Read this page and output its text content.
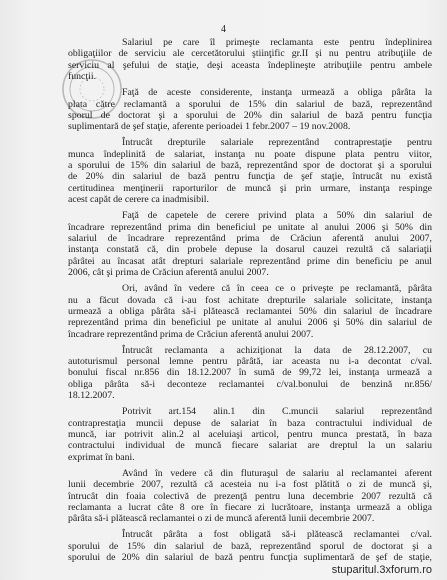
4
Salariul pe care îl primeşte reclamanta este pentru îndeplinirea
obligaţiilor de serviciu ale cercetătorului ştiinţific gr.II şi nu pentru atribuţiile de
serviciu al şefului de staţie, deşi aceasta îndeplineşte atribuţiile pentru ambele
funcţii.
Faţă de aceste considerente, instanţa urmează a obliga pârâta la
plata către reclamantă a sporului de 15% din salariul de bază, reprezentând
sporul de doctorat şi a sporului de 20% din salariul de bază pentru funcţia
suplimentară de şef staţie, aferente perioadei 1 febr.2007 – 19 nov.2008.
Întrucât drepturile salariale reprezentând contraprestaţie pentru
munca îndeplinită de salariat, instanţa nu poate dispune plata pentru viitor,
a sporului de 15% din salariul de bază, reprezentând spor de doctorat şi a sporului
de 20% din salariul de bază pentru funcţia de şef staţie, întrucât nu există
certitudinea menţinerii raporturilor de muncă şi prin urmare, instanţa respinge
acest capăt de cerere ca inadmisibil.
Faţă de capetele de cerere privind plata a 50% din salariul de
încadrare reprezentând prima din beneficiul pe unitate al anului 2006 şi 50% din
salariul de încadrare reprezentând prima de Crăciun aferentă anului 2007,
instanţa constată că, din probele depuse la dosarul cauzei rezultă că salariaţii
pârâtei au încasat atât drepturi salariale reprezentând prime din beneficiu pe anul
2006, cât şi prima de Crăciun aferentă anului 2007.
Ori, având în vedere că în ceea ce o priveşte pe reclamantă, pârâta
nu a făcut dovada că i-au fost achitate drepturile salariale solicitate, instanţa
urmează a obliga pârâta să-i plătească reclamantei 50% din salariul de încadrare
reprezentând prima din beneficiul pe unitate al anului 2006 şi 50% din salariul de
încadrare reprezentând prima de Crăciun aferentă anului 2007.
Întrucât reclamanta a achiziţionat la data de 28.12.2007, cu
autoturismul personal lemne pentru pârâtă, iar aceasta nu i-a decontat c/val.
bonului fiscal nr.856 din 18.12.2007 în sumă de 99,72 lei, instanţa urmează a
obliga pârâta să-i deconteze reclamantei c/val.bonului de benzină nr.856/
18.12.2007.
Potrivit art.154 alin.1 din C.muncii salariul reprezentând
contraprestaţia muncii depuse de salariat în baza contractului individual de
muncă, iar potrivit alin.2 al aceluiaşi articol, pentru munca prestată, în baza
contractului individual de muncă fiecare salariat are dreptul la un salariu
exprimat în bani.
Având în vedere că din fluturaşul de salariu al reclamantei aferent
lunii decembrie 2007, rezultă că acesteia nu i-a fost plătită o zi de muncă şi,
întrucât din foaia colectivă de prezenţă pentru luna decembrie 2007 rezultă că
reclamanta a lucrat câte 8 ore în fiecare zi lucrătoare, instanţa urmează a obliga
pârâta să-i plătească reclamantei o zi de muncă aferentă lunii decembrie 2007.
Întrucât pârâta a fost obligată să-i plătească reclamantei c/val.
sporului de 15% din salariul de bază, reprezentând sporul de doctorat şi a
sporului de 20% din salariul de bază pentru funcţia suplimentară de şef de staţie,
stuparitul.3xforum.ro
